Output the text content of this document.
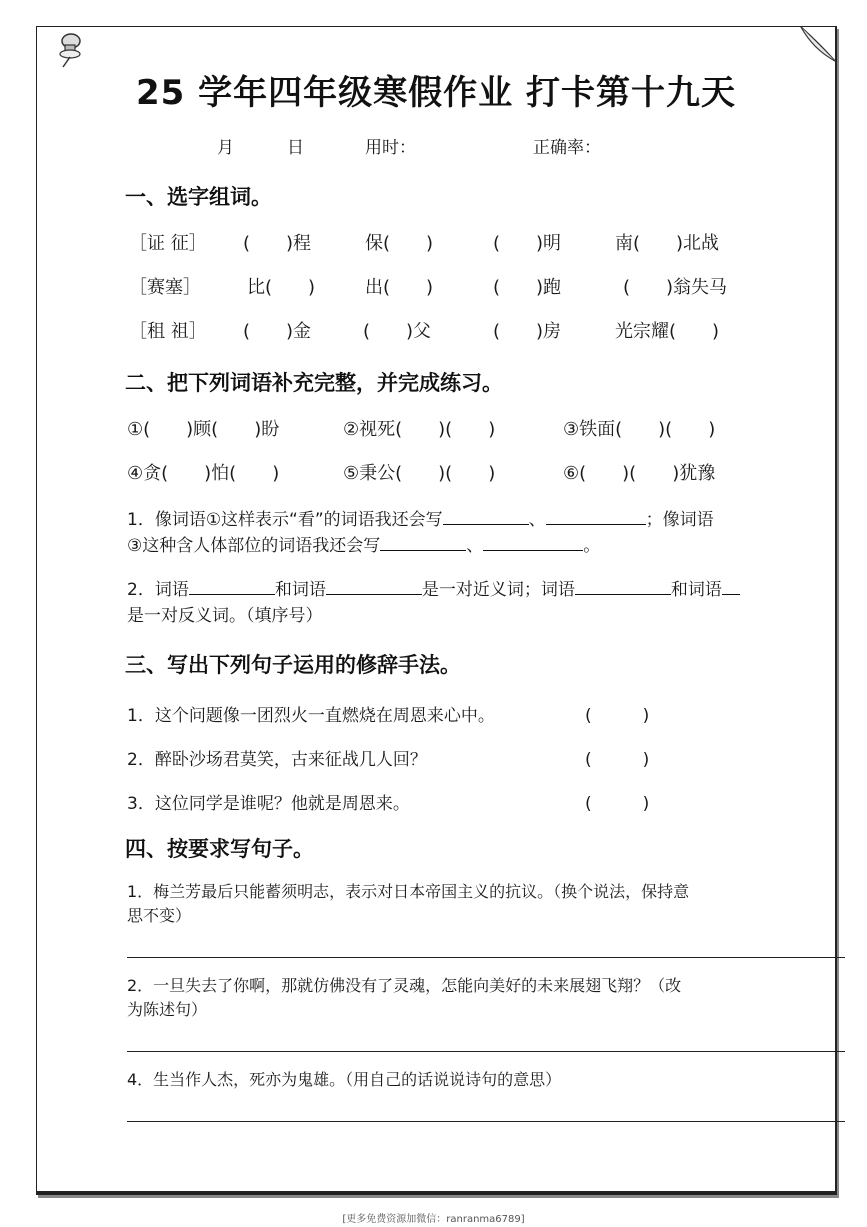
25 学年四年级寒假作业 打卡第十九天
月	日	用时：	正确率：
一、选字组词。
［证 征］ (　　)程	保(　　)	(　　)明	南(　　)北战
［赛塞］	比(　　)	出(　　)	(　　)跑	(　　)翁失马
［租 祖］ (　　)金	(　　)父	(　　)房	光宗耀(　　)
二、把下列词语补充完整，并完成练习。
①(　　)顾(　　)盼	②视死(　　)(　　)	③铁面(　　)(　　)
④贪(　　)怕(　　)	⑤秉公(　　)(　　)	⑥(　　)(　　)犹豫
1．像词语①这样表示“看”的词语我还会写	、	；像词语
③这种含人体部位的词语我还会写	、	。
2．词语	和词语	是一对近义词；词语	和词语
是一对反义词。（填序号）
三、写出下列句子运用的修辞手法。
1．这个问题像一团烈火一直燃烧在周恩来心中。	(　　　)
2．醉卧沙场君莫笑，古来征战几人回？	(　　　)
3．这位同学是谁呢？他就是周恩来。	(　　　)
四、按要求写句子。
1．梅兰芳最后只能蓄须明志，表示对日本帝国主义的抗议。（换个说法，保持意
思不变）
2．一旦失去了你啊，那就仿佛没有了灵魂，怎能向美好的未来展翅飞翔？（改
为陈述句）
4．生当作人杰，死亦为鬼雄。（用自己的话说说诗句的意思）
[更多免费资源加微信：ranranma6789]
